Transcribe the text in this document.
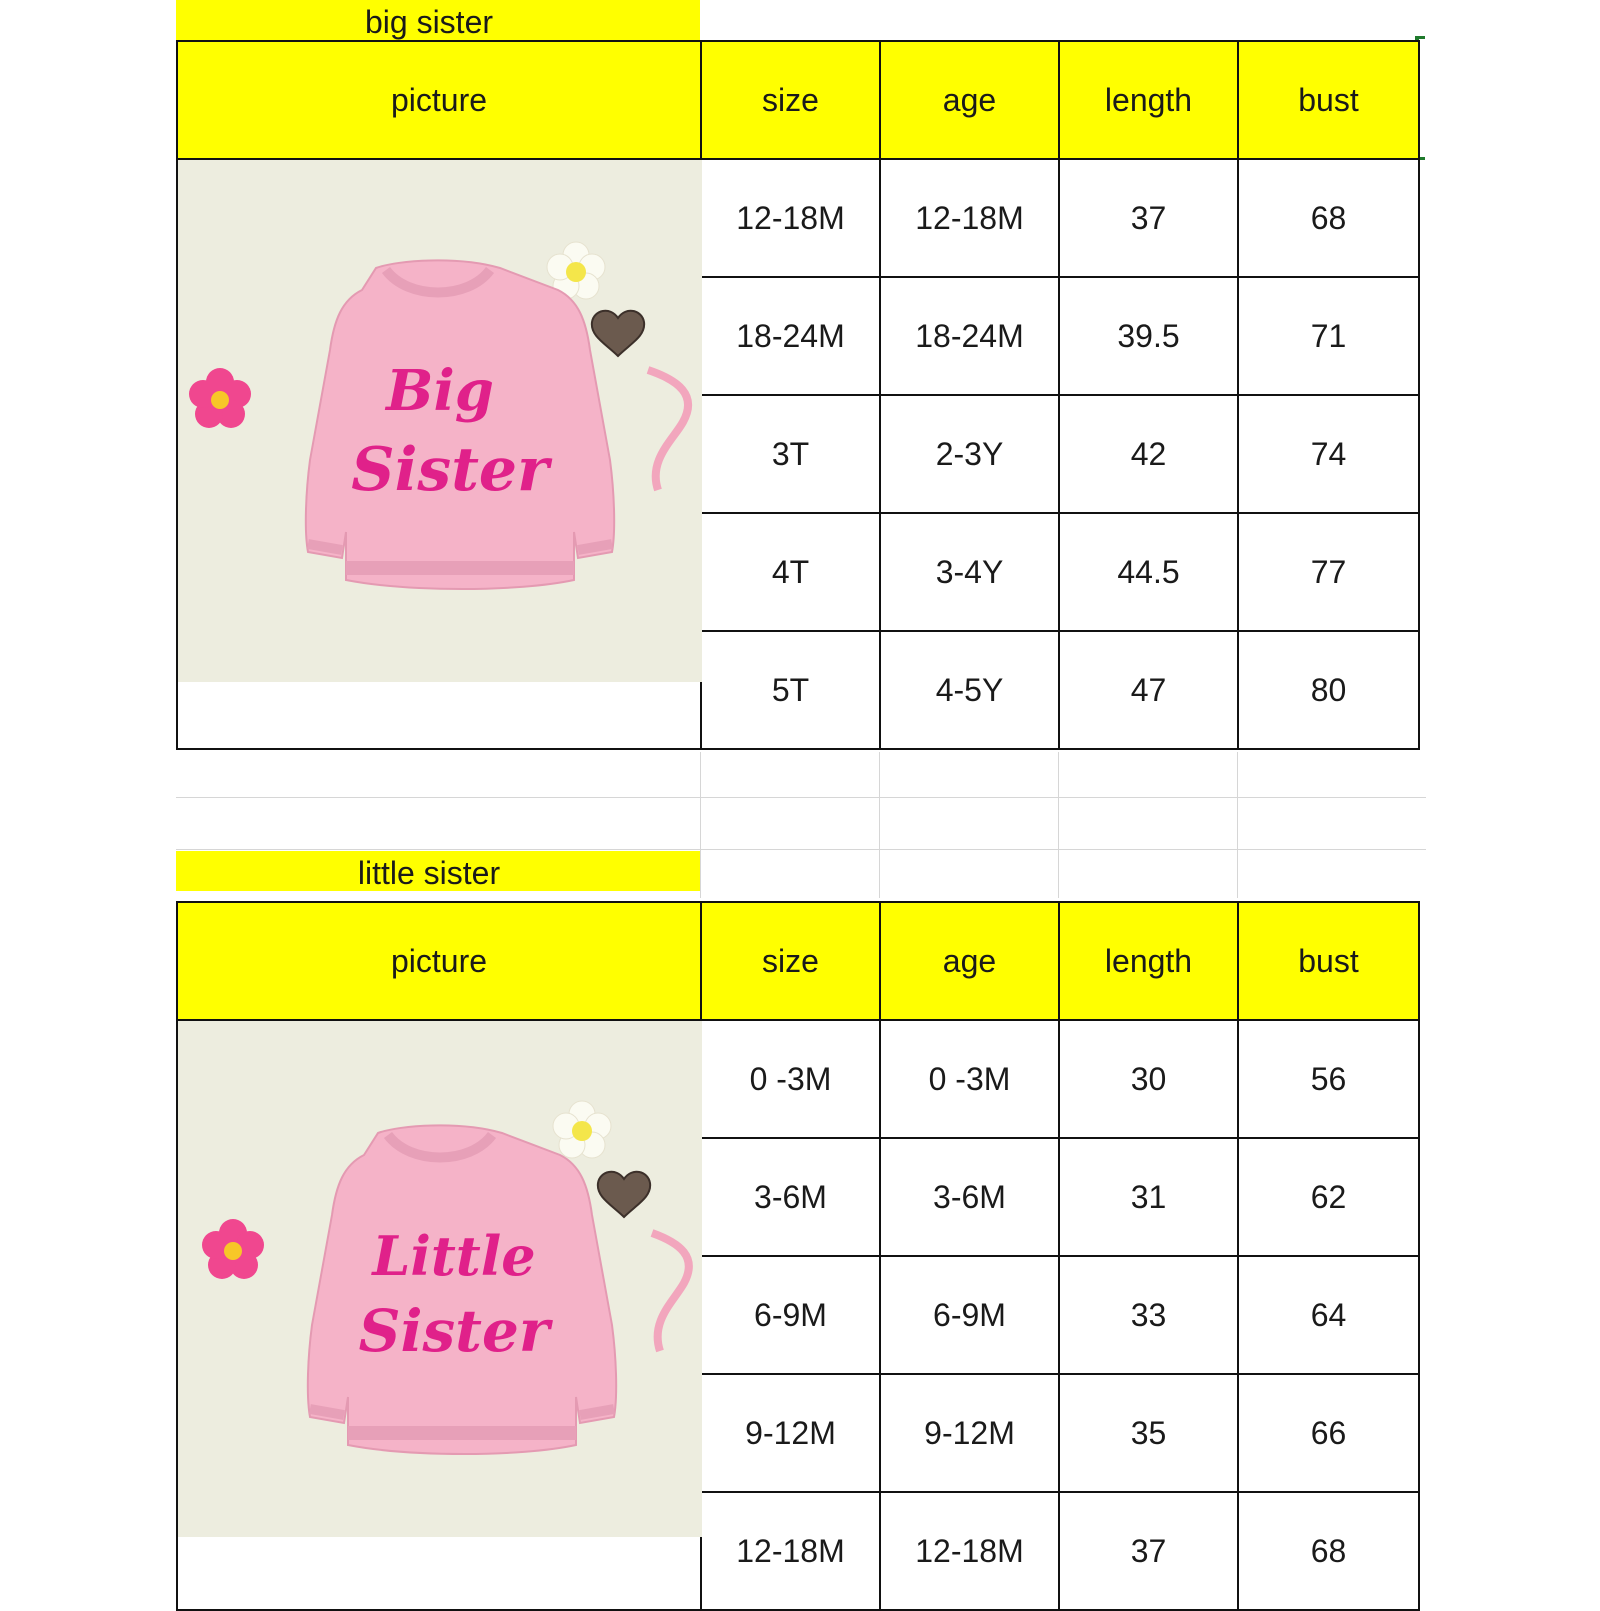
big sister
picture	size	age	length	bust

Big
Sister	12-18M	12-18M	37	68
	18-24M	18-24M	39.5	71
	3T	2-3Y	42	74
	4T	3-4Y	44.5	77
	5T	4-5Y	47	80
little sister
picture	size	age	length	bust

Little
Sister	0 -3M	0 -3M	30	56
	3-6M	3-6M	31	62
	6-9M	6-9M	33	64
	9-12M	9-12M	35	66
	12-18M	12-18M	37	68
